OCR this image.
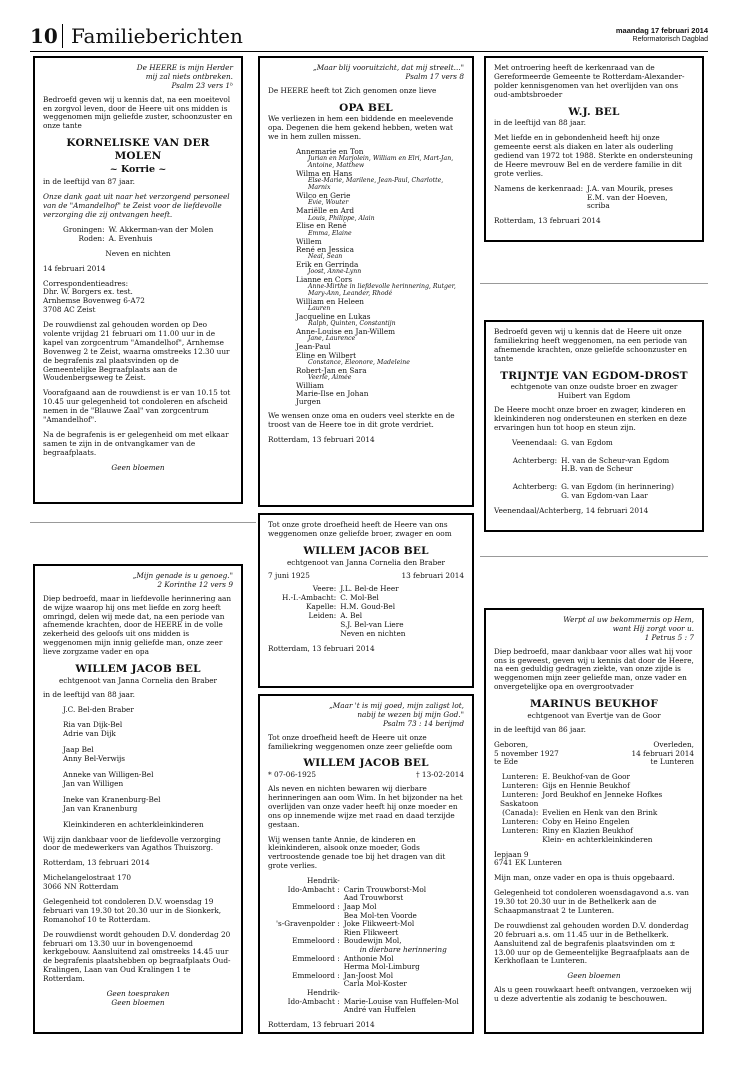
10 Familieberichten	maandag 17 februari 2014
Reformatorisch Dagblad
De HEERE is mijn Herder
mij zal niets ontbreken.
Psalm 23 vers 1ᵇ

Bedroefd geven wij u kennis dat, na een moeitevol en zorgvol leven, door de Heere uit ons midden is weggenomen mijn geliefde zuster, schoonzuster en onze tante

KORNELISKE VAN DER MOLEN
~ Korrie ~

in de leeftijd van 87 jaar.

Onze dank gaat uit naar het verzorgend personeel van de "Amandelhof" te Zeist voor de liefdevolle verzorging die zij ontvangen heeft.

Groningen:	W. Akkerman-van der Molen
Roden:	A. Evenhuis

Neven en nichten

14 februari 2014

Correspondentieadres:
Dhr. W. Borgers ex. test.
Arnhemse Bovenweg 6-A72
3708 AC Zeist

De rouwdienst zal gehouden worden op Deo volente vrijdag 21 februari om 11.00 uur in de kapel van zorgcentrum "Amandelhof", Arnhemse Bovenweg 2 te Zeist, waarna omstreeks 12.30 uur de begrafenis zal plaatsvinden op de Gemeentelijke Begraafplaats aan de Woudenbergseweg te Zeist.

Voorafgaand aan de rouwdienst is er van 10.15 tot 10.45 uur gelegenheid tot condoleren en afscheid nemen in de "Blauwe Zaal" van zorgcentrum "Amandelhof".

Na de begrafenis is er gelegenheid om met elkaar samen te zijn in de ontvangkamer van de begraafplaats.

Geen bloemen
„Maar blij vooruitzicht, dat mij streelt..."
Psalm 17 vers 8

De HEERE heeft tot Zich genomen onze lieve

OPA BEL

We verliezen in hem een biddende en meelevende opa. Degenen die hem gekend hebben, weten wat we in hem zullen missen.

Annemarie en Ton
Jurian en Marjolein, William en Elri, Mart-Jan, Antoine, Matthew
Wilma en Hans
Else-Marie, Marilene, Jean-Paul, Charlotte, Marnix
Wilco en Gerie
Evie, Wouter
Mariëlle en Ard
Louis, Philippe, Alain
Elise en René
Emma, Elaine
Willem
René en Jessica
Neal, Sean
Erik en Gerrinda
Joost, Anne-Lynn
Lianne en Cors
Anne-Mirthe in liefdevolle herinnering, Rutger, Mary-Ann, Leander, Rhodé
William en Heleen
Lauren
Jacqueline en Lukas
Ralph, Quinten, Constantijn
Anne-Louise en Jan-Willem
Jane, Laurence
Jean-Paul
Eline en Wilbert
Constance, Eleonore, Madeleine
Robert-Jan en Sara
Veerle, Aimée
William
Marie-Ilse en Johan
Jurgen

We wensen onze oma en ouders veel sterkte en de troost van de Heere toe in dit grote verdriet.

Rotterdam, 13 februari 2014

Met ontroering heeft de kerkenraad van de Gereformeerde Gemeente te Rotterdam-Alexander-polder kennisgenomen van het overlijden van ons oud-ambtsbroeder

W.J. BEL

in de leeftijd van 88 jaar.

Met liefde en in gebondenheid heeft hij onze gemeente eerst als diaken en later als ouderling gediend van 1972 tot 1988. Sterkte en ondersteuning de Heere mevrouw Bel en de verdere familie in dit grote verlies.

Namens de kerkenraad:	J.A. van Mourik, preses
	E.M. van der Hoeven,
	scriba

Rotterdam, 13 februari 2014

Bedroefd geven wij u kennis dat de Heere uit onze familiekring heeft weggenomen, na een periode van afnemende krachten, onze geliefde schoonzuster en tante

TRIJNTJE VAN EGDOM-DROST
echtgenote van onze oudste broer en zwager
Huibert van Egdom

De Heere mocht onze broer en zwager, kinderen en kleinkinderen nog ondersteunen en sterken en deze ervaringen hun tot hoop en steun zijn.

Veenendaal:	G. van Egdom

Achterberg:	H. van de Scheur-van Egdom
	H.B. van de Scheur

Achterberg:	G. van Egdom (in herinnering)
	G. van Egdom-van Laar

Veenendaal/Achterberg, 14 februari 2014

Tot onze grote droefheid heeft de Heere van ons weggenomen onze geliefde broer, zwager en oom

WILLEM JACOB BEL
echtgenoot van Janna Cornelia den Braber
7 juni 1925	13 februari 2014
Veere:	J.L. Bel-de Heer
H.-I.-Ambacht:	C. Mol-Bel
Kapelle:	H.M. Goud-Bel
Leiden:	A. Bel
	S.J. Bel-van Liere
	Neven en nichten

Rotterdam, 13 februari 2014

„Mijn genade is u genoeg."
2 Korinthe 12 vers 9

Diep bedroefd, maar in liefdevolle herinnering aan de wijze waarop hij ons met liefde en zorg heeft omringd, delen wij mede dat, na een periode van afnemende krachten, door de HEERE in de volle zekerheid des geloofs uit ons midden is weggenomen mijn innig geliefde man, onze zeer lieve zorgzame vader en opa

WILLEM JACOB BEL
echtgenoot van Janna Cornelia den Braber

in de leeftijd van 88 jaar.

J.C. Bel-den Braber
Ria van Dijk-Bel
Adrie van Dijk
Jaap Bel
Anny Bel-Verwijs
Anneke van Willigen-Bel
Jan van Willigen
Ineke van Kranenburg-Bel
Jan van Kranenburg
Kleinkinderen en achterkleinkinderen

Wij zijn dankbaar voor de liefdevolle verzorging door de medewerkers van Agathos Thuiszorg.

Rotterdam, 13 februari 2014

Michelangelostraat 170
3066 NN Rotterdam

Gelegenheid tot condoleren D.V. woensdag 19 februari van 19.30 tot 20.30 uur in de Sionkerk, Romanohof 10 te Rotterdam.

De rouwdienst wordt gehouden D.V. donderdag 20 februari om 13.30 uur in bovengenoemd kerkgebouw. Aansluitend zal omstreeks 14.45 uur de begrafenis plaatshebben op begraafplaats Oud-Kralingen, Laan van Oud Kralingen 1 te Rotterdam.

Geen toespraken
Geen bloemen
„Maar 't is mij goed, mijn zaligst lot,
nabij te wezen bij mijn God."
Psalm 73 : 14 berijmd

Tot onze droefheid heeft de Heere uit onze familiekring weggenomen onze zeer geliefde oom

WILLEM JACOB BEL
* 07-06-1925	† 13-02-2014

Als neven en nichten bewaren wij dierbare herinneringen aan oom Wim. In het bijzonder na het overlijden van onze vader heeft hij onze moeder en ons op innemende wijze met raad en daad terzijde gestaan.

Wij wensen tante Annie, de kinderen en kleinkinderen, alsook onze moeder, Gods vertroostende genade toe bij het dragen van dit grote verlies.

Hendrik-	
Ido-Ambacht :	Carin Trouwborst-Mol
	Aad Trouwborst
Emmeloord :	Jaap Mol
	Bea Mol-ten Voorde
's-Gravenpolder :	Joke Flikweert-Mol
	Rien Flikweert
Emmeloord :	Boudewijn Mol,
	in dierbare herinnering
Emmeloord :	Anthonie Mol
	Herma Mol-Limburg
Emmeloord :	Jan-Joost Mol
	Carla Mol-Koster
Hendrik-	
Ido-Ambacht :	Marie-Louise van Huffelen-Mol
	André van Huffelen

Rotterdam, 13 februari 2014

Werpt al uw bekommernis op Hem,
want Hij zorgt voor u.
1 Petrus 5 : 7

Diep bedroefd, maar dankbaar voor alles wat hij voor ons is geweest, geven wij u kennis dat door de Heere, na een geduldig gedragen ziekte, van onze zijde is weggenomen mijn zeer geliefde man, onze vader en onvergetelijke opa en overgrootvader

MARINUS BEUKHOF
echtgenoot van Evertje van de Goor

in de leeftijd van 86 jaar.

Geboren,	Overleden,
5 november 1927	14 februari 2014
te Ede	te Lunteren
Lunteren:	E. Beukhof-van de Goor
Lunteren:	Gijs en Hennie Beukhof
Lunteren:	Jord Beukhof en Jenneke Hofkes
Saskatoon	
(Canada):	Evelien en Henk van den Brink
Lunteren:	Coby en Heino Engelen
Lunteren:	Riny en Klazien Beukhof
	Klein- en achterkleinkinderen

Iepjaan 9
6741 EK Lunteren

Mijn man, onze vader en opa is thuis opgebaard.

Gelegenheid tot condoleren woensdagavond a.s. van 19.30 tot 20.30 uur in de Bethelkerk aan de Schaapmanstraat 2 te Lunteren.

De rouwdienst zal gehouden worden D.V. donderdag 20 februari a.s. om 11.45 uur in de Bethelkerk. Aansluitend zal de begrafenis plaatsvinden om ± 13.00 uur op de Gemeentelijke Begraafplaats aan de Kerkhoflaan te Lunteren.

Geen bloemen

Als u geen rouwkaart heeft ontvangen, verzoeken wij u deze advertentie als zodanig te beschouwen.
